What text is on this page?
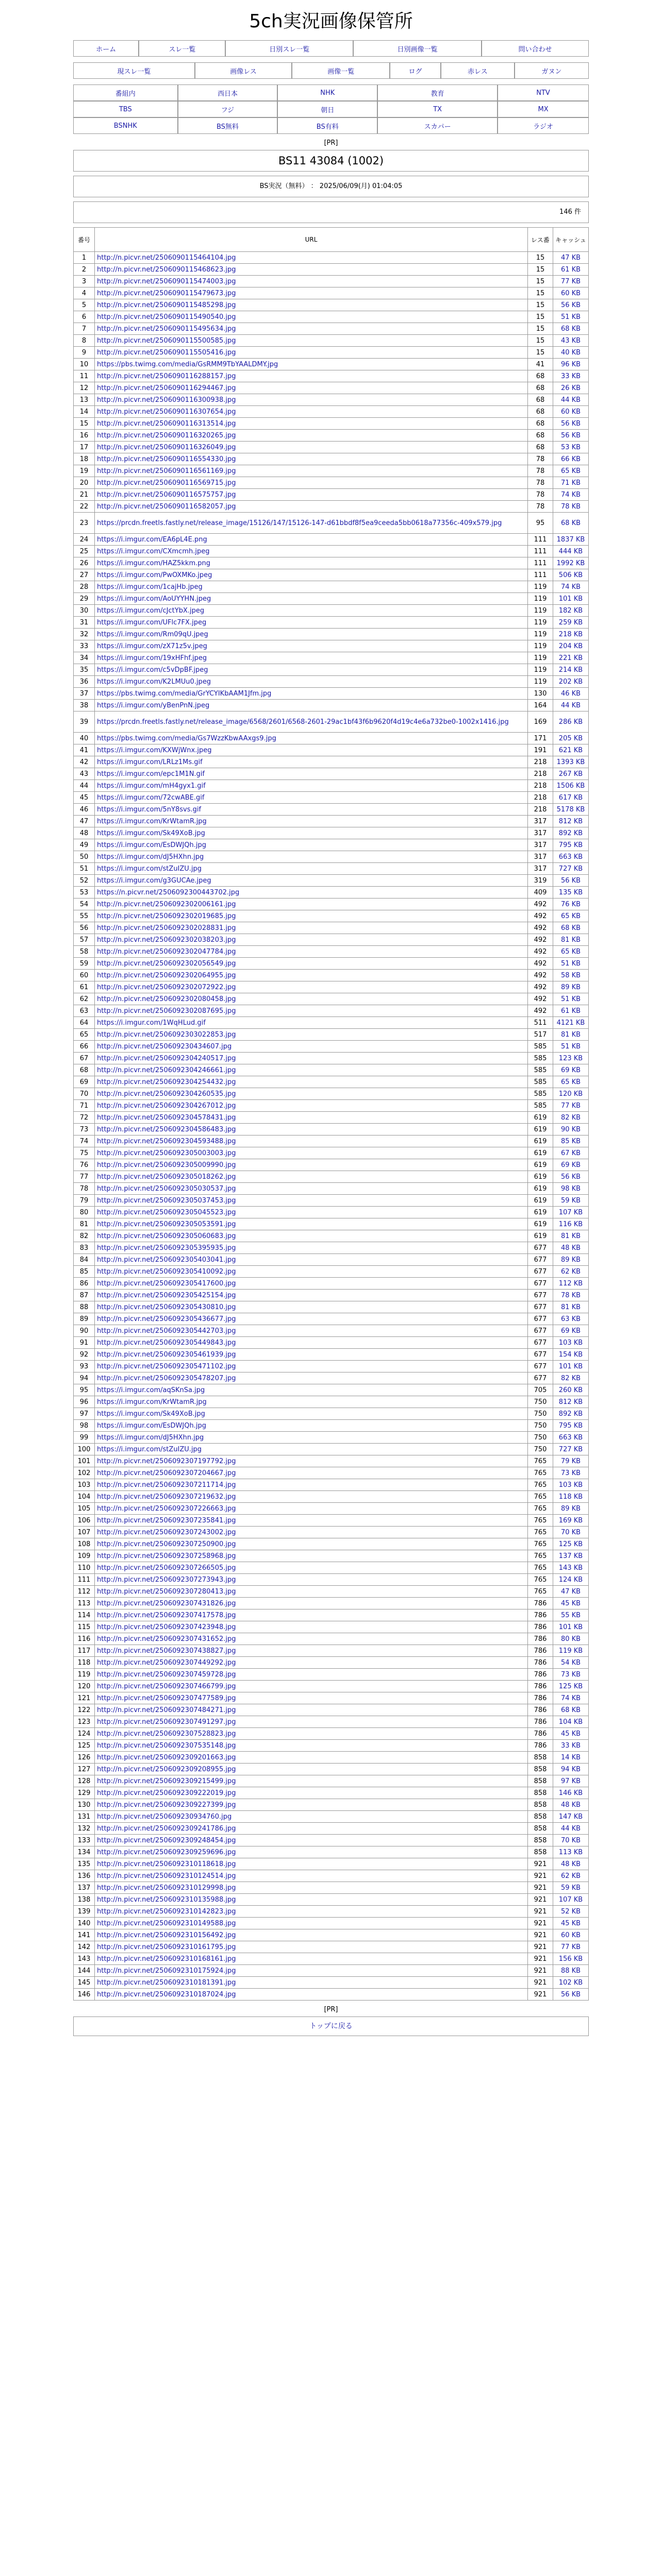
5ch実況画像保管所
ホーム	スレ一覧	日別スレ一覧	日別画像一覧	問い合わせ
現スレ一覧	画像レス	画像一覧	ログ	赤レス	ガヌン
番組内	西日本	NHK	教育	NTV
TBS	フジ	朝日	TX	MX
BSNHK	BS無料	BS有料	スカパー	ラジオ
[PR]
BS11 43084 (1002)
BS実況（無料） ： 2025/06/09(月) 01:04:05
146 件
番号	URL	レス番	キャッシュ
1	http://n.picvr.net/250609011546410​4.jpg	15	47 KB
2	http://n.picvr.net/25060901154686​23.jpg	15	61 KB
3	http://n.picvr.net/25060901154740​03.jpg	15	77 KB
4	http://n.picvr.net/25060901154796​73.jpg	15	60 KB
5	http://n.picvr.net/25060901154852​98.jpg	15	56 KB
6	http://n.picvr.net/25060901154905​40.jpg	15	51 KB
7	http://n.picvr.net/25060901154956​34.jpg	15	68 KB
8	http://n.picvr.net/25060901155005​85.jpg	15	43 KB
9	http://n.picvr.net/25060901155054​16.jpg	15	40 KB
10	https://pbs.twimg.com/media/GsRMM9TbYAALDMY.jpg	41	96 KB
11	http://n.picvr.net/25060901162881​57.jpg	68	33 KB
12	http://n.picvr.net/25060901162944​67.jpg	68	26 KB
13	http://n.picvr.net/25060901163009​38.jpg	68	44 KB
14	http://n.picvr.net/25060901163076​54.jpg	68	60 KB
15	http://n.picvr.net/25060901163135​14.jpg	68	56 KB
16	http://n.picvr.net/25060901163202​65.jpg	68	56 KB
17	http://n.picvr.net/25060901163260​49.jpg	68	53 KB
18	http://n.picvr.net/25060901165543​30.jpg	78	66 KB
19	http://n.picvr.net/25060901165611​69.jpg	78	65 KB
20	http://n.picvr.net/25060901165697​15.jpg	78	71 KB
21	http://n.picvr.net/25060901165757​57.jpg	78	74 KB
22	http://n.picvr.net/25060901165820​57.jpg	78	78 KB
23	https://prcdn.freetls.fastly.net/release_image/15126/147/15126-147-d61bbdf8f5ea9ceeda5bb0618a77356c-409x579.jpg	95	68 KB
24	https://i.imgur.com/EA6pL4E.png	111	1837 KB
25	https://i.imgur.com/CXmcmh.jpeg	111	444 KB
26	https://i.imgur.com/HAZ5kkm.png	111	1992 KB
27	https://i.imgur.com/PwOXMKo.jpeg	111	506 KB
28	https://i.imgur.com/1cajHb.jpeg	119	74 KB
29	https://i.imgur.com/AoUYYHN.jpeg	119	101 KB
30	https://i.imgur.com/cJctYbX.jpeg	119	182 KB
31	https://i.imgur.com/UFlc7FX.jpeg	119	259 KB
32	https://i.imgur.com/Rm09qU.jpeg	119	218 KB
33	https://i.imgur.com/zX71z5v.jpeg	119	204 KB
34	https://i.imgur.com/19xHFhf.jpeg	119	221 KB
35	https://i.imgur.com/c5vDpBF.jpeg	119	214 KB
36	https://i.imgur.com/K2LMUu0.jpeg	119	202 KB
37	https://pbs.twimg.com/media/GrYCYIKbAAM1Jfm.jpg	130	46 KB
38	https://i.imgur.com/yBenPnN.jpeg	164	44 KB
39	https://prcdn.freetls.fastly.net/release_image/6568/2601/6568-2601-29ac1bf43f6b9620f4d19c4e6a732be0-1002x1416.jpg	169	286 KB
40	https://pbs.twimg.com/media/Gs7WzzKbwAAxgs9.jpg	171	205 KB
41	https://i.imgur.com/KXWjWnx.jpeg	191	621 KB
42	https://i.imgur.com/LRLz1Ms.gif	218	1393 KB
43	https://i.imgur.com/epc1M1N.gif	218	267 KB
44	https://i.imgur.com/mH4gyx1.gif	218	1506 KB
45	https://i.imgur.com/72cwABE.gif	218	617 KB
46	https://i.imgur.com/5nY8svs.gif	218	5178 KB
47	https://i.imgur.com/KrWtamR.jpg	317	812 KB
48	https://i.imgur.com/Sk49XoB.jpg	317	892 KB
49	https://i.imgur.com/EsDWJQh.jpg	317	795 KB
50	https://i.imgur.com/dJ5HXhn.jpg	317	663 KB
51	https://i.imgur.com/stZuIZU.jpg	317	727 KB
52	https://i.imgur.com/g3GUCAe.jpeg	319	56 KB
53	https://n.picvr.net/25060923004437​02.jpg	409	135 KB
54	http://n.picvr.net/25060923020061​61.jpg	492	76 KB
55	http://n.picvr.net/25060923020196​85.jpg	492	65 KB
56	http://n.picvr.net/25060923020288​31.jpg	492	68 KB
57	http://n.picvr.net/25060923020382​03.jpg	492	81 KB
58	http://n.picvr.net/25060923020477​84.jpg	492	65 KB
59	http://n.picvr.net/25060923020565​49.jpg	492	51 KB
60	http://n.picvr.net/25060923020649​55.jpg	492	58 KB
61	http://n.picvr.net/25060923020729​22.jpg	492	89 KB
62	http://n.picvr.net/25060923020804​58.jpg	492	51 KB
63	http://n.picvr.net/25060923020876​95.jpg	492	61 KB
64	https://i.imgur.com/1WqHLud.gif	511	4121 KB
65	http://n.picvr.net/25060923030228​53.jpg	517	81 KB
66	http://n.picvr.net/25060923043460​7.jpg	585	51 KB
67	http://n.picvr.net/25060923042405​17.jpg	585	123 KB
68	http://n.picvr.net/25060923042466​61.jpg	585	69 KB
69	http://n.picvr.net/25060923042544​32.jpg	585	65 KB
70	http://n.picvr.net/25060923042605​35.jpg	585	120 KB
71	http://n.picvr.net/25060923042670​12.jpg	585	77 KB
72	http://n.picvr.net/25060923045784​31.jpg	619	82 KB
73	http://n.picvr.net/25060923045864​83.jpg	619	90 KB
74	http://n.picvr.net/25060923045934​88.jpg	619	85 KB
75	http://n.picvr.net/25060923050030​03.jpg	619	67 KB
76	http://n.picvr.net/25060923050099​90.jpg	619	69 KB
77	http://n.picvr.net/25060923050182​62.jpg	619	56 KB
78	http://n.picvr.net/25060923050305​37.jpg	619	98 KB
79	http://n.picvr.net/25060923050374​53.jpg	619	59 KB
80	http://n.picvr.net/25060923050455​23.jpg	619	107 KB
81	http://n.picvr.net/25060923050535​91.jpg	619	116 KB
82	http://n.picvr.net/25060923050606​83.jpg	619	81 KB
83	http://n.picvr.net/25060923053959​35.jpg	677	48 KB
84	http://n.picvr.net/25060923054030​41.jpg	677	89 KB
85	http://n.picvr.net/25060923054100​92.jpg	677	62 KB
86	http://n.picvr.net/25060923054176​00.jpg	677	112 KB
87	http://n.picvr.net/25060923054251​54.jpg	677	78 KB
88	http://n.picvr.net/25060923054308​10.jpg	677	81 KB
89	http://n.picvr.net/25060923054366​77.jpg	677	63 KB
90	http://n.picvr.net/25060923054427​03.jpg	677	69 KB
91	http://n.picvr.net/25060923054498​43.jpg	677	103 KB
92	http://n.picvr.net/25060923054619​39.jpg	677	154 KB
93	http://n.picvr.net/25060923054711​02.jpg	677	101 KB
94	http://n.picvr.net/25060923054782​07.jpg	677	82 KB
95	https://i.imgur.com/aqSKnSa.jpg	705	260 KB
96	https://i.imgur.com/KrWtamR.jpg	750	812 KB
97	https://i.imgur.com/Sk49XoB.jpg	750	892 KB
98	https://i.imgur.com/EsDWJQh.jpg	750	795 KB
99	https://i.imgur.com/dJ5HXhn.jpg	750	663 KB
100	https://i.imgur.com/stZuIZU.jpg	750	727 KB
101	http://n.picvr.net/25060923071977​92.jpg	765	79 KB
102	http://n.picvr.net/25060923072046​67.jpg	765	73 KB
103	http://n.picvr.net/25060923072117​14.jpg	765	103 KB
104	http://n.picvr.net/25060923072196​32.jpg	765	118 KB
105	http://n.picvr.net/25060923072266​63.jpg	765	89 KB
106	http://n.picvr.net/25060923072358​41.jpg	765	169 KB
107	http://n.picvr.net/25060923072430​02.jpg	765	70 KB
108	http://n.picvr.net/25060923072509​00.jpg	765	125 KB
109	http://n.picvr.net/25060923072589​68.jpg	765	137 KB
110	http://n.picvr.net/25060923072665​05.jpg	765	143 KB
111	http://n.picvr.net/25060923072739​43.jpg	765	124 KB
112	http://n.picvr.net/25060923072804​13.jpg	765	47 KB
113	http://n.picvr.net/25060923074318​26.jpg	786	45 KB
114	http://n.picvr.net/25060923074175​78.jpg	786	55 KB
115	http://n.picvr.net/25060923074239​48.jpg	786	101 KB
116	http://n.picvr.net/25060923074316​52.jpg	786	80 KB
117	http://n.picvr.net/25060923074388​27.jpg	786	119 KB
118	http://n.picvr.net/25060923074492​92.jpg	786	54 KB
119	http://n.picvr.net/25060923074597​28.jpg	786	73 KB
120	http://n.picvr.net/25060923074667​99.jpg	786	125 KB
121	http://n.picvr.net/25060923074775​89.jpg	786	74 KB
122	http://n.picvr.net/25060923074842​71.jpg	786	68 KB
123	http://n.picvr.net/25060923074912​97.jpg	786	104 KB
124	http://n.picvr.net/25060923075288​23.jpg	786	45 KB
125	http://n.picvr.net/25060923075351​48.jpg	786	33 KB
126	http://n.picvr.net/25060923092016​63.jpg	858	14 KB
127	http://n.picvr.net/25060923092089​55.jpg	858	94 KB
128	http://n.picvr.net/25060923092154​99.jpg	858	97 KB
129	http://n.picvr.net/25060923092220​19.jpg	858	146 KB
130	http://n.picvr.net/25060923092273​99.jpg	858	48 KB
131	http://n.picvr.net/25060923093476​0.jpg	858	147 KB
132	http://n.picvr.net/25060923092417​86.jpg	858	44 KB
133	http://n.picvr.net/25060923092484​54.jpg	858	70 KB
134	http://n.picvr.net/25060923092596​96.jpg	858	113 KB
135	http://n.picvr.net/25060923101186​18.jpg	921	48 KB
136	http://n.picvr.net/25060923101245​14.jpg	921	62 KB
137	http://n.picvr.net/25060923101299​98.jpg	921	59 KB
138	http://n.picvr.net/25060923101359​88.jpg	921	107 KB
139	http://n.picvr.net/25060923101428​23.jpg	921	52 KB
140	http://n.picvr.net/25060923101495​88.jpg	921	45 KB
141	http://n.picvr.net/25060923101564​92.jpg	921	60 KB
142	http://n.picvr.net/25060923101617​95.jpg	921	77 KB
143	http://n.picvr.net/25060923101681​61.jpg	921	156 KB
144	http://n.picvr.net/25060923101759​24.jpg	921	88 KB
145	http://n.picvr.net/25060923101813​91.jpg	921	102 KB
146	http://n.picvr.net/25060923101870​24.jpg	921	56 KB
[PR]
トップに戻る
